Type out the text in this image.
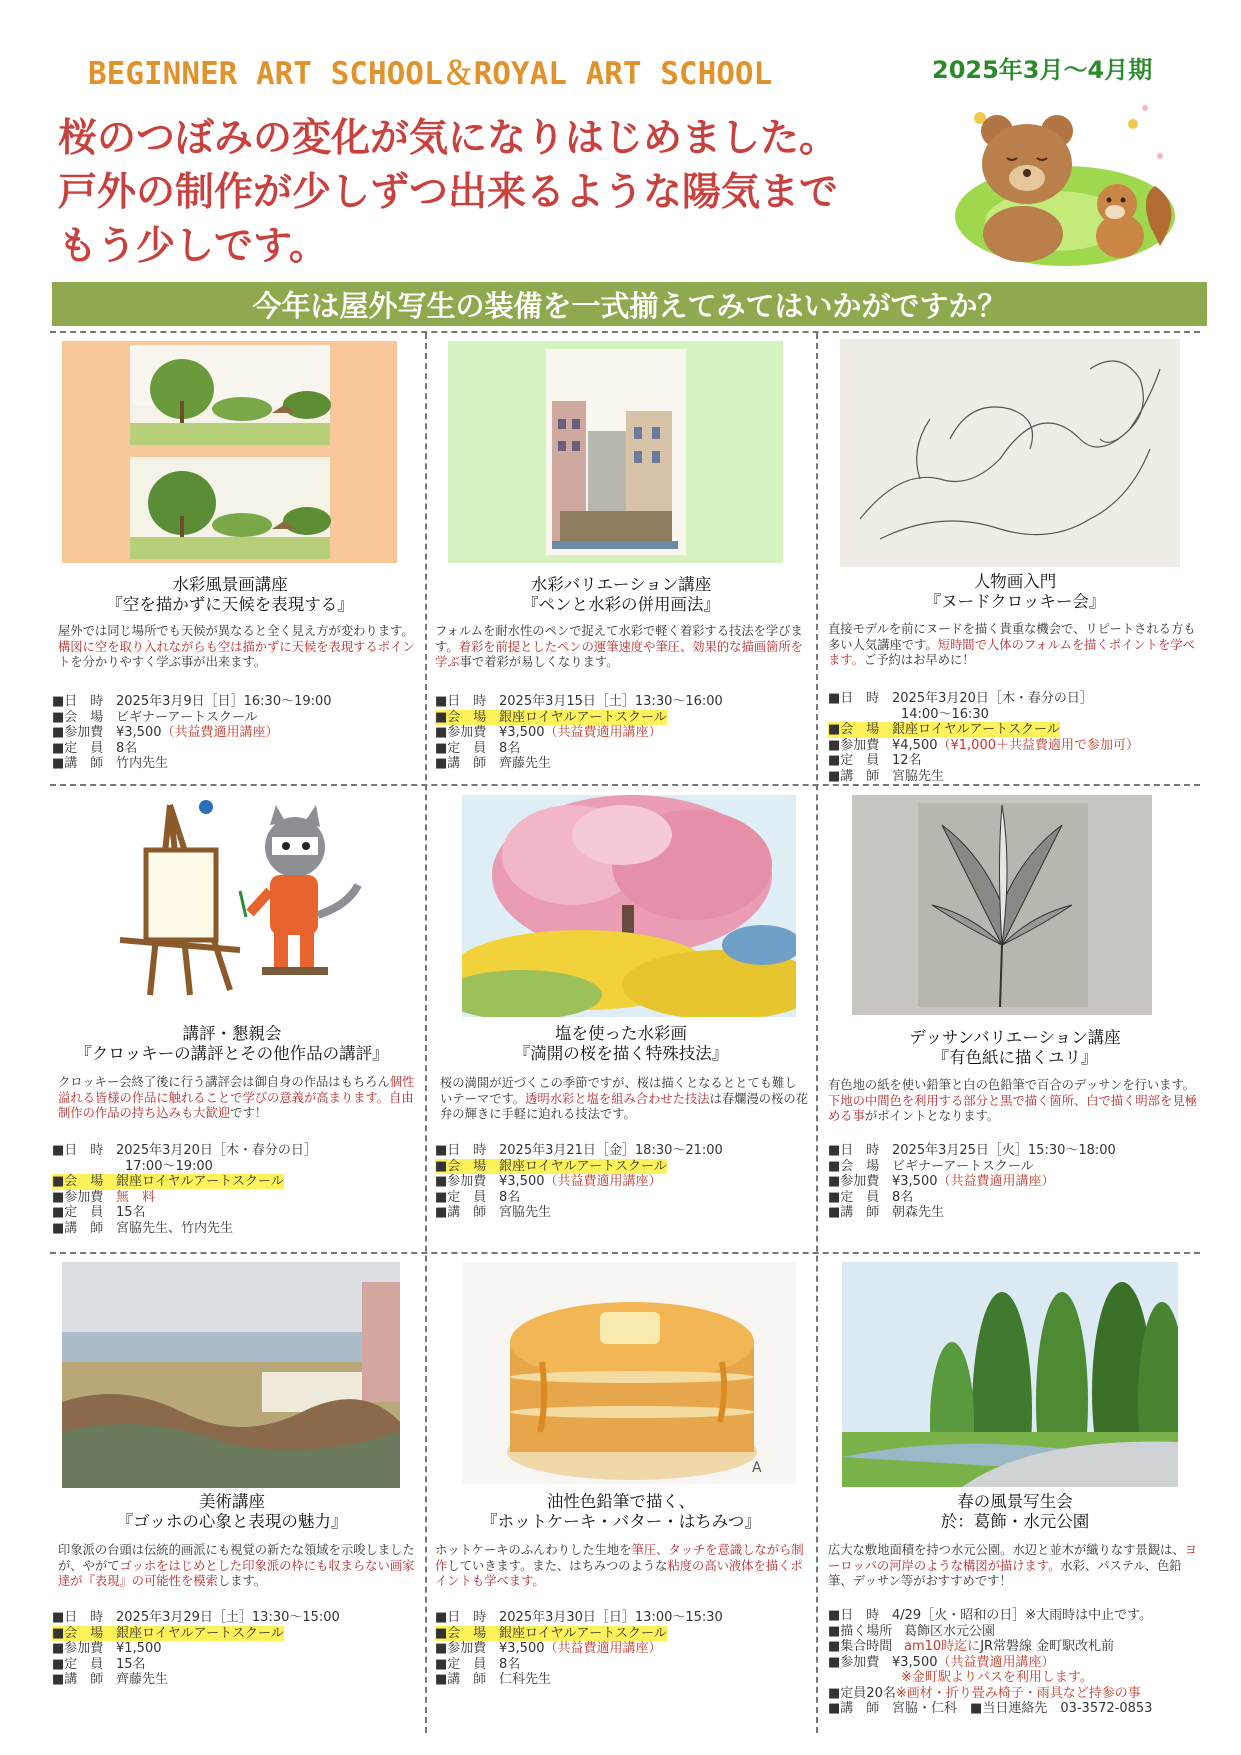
BEGINNER ART SCHOOL＆ROYAL ART SCHOOL	2025年3月～4月期
桜のつぼみの変化が気になりはじめました。
戸外の制作が少しずつ出来るような陽気まで
もう少しです。
今年は屋外写生の装備を一式揃えてみてはいかがですか？
A
水彩風景画講座
『空を描かずに天候を表現する』
屋外では同じ場所でも天候が異なると全く見え方が変わります。構図に空を取り入れながらも空は描かずに天候を表現するポイントを分かりやすく学ぶ事が出来ます。
■日　時 2025年3月9日［日］16:30～19:00
■会　場 ビギナーアートスクール
■参加費 ¥3,500（共益費適用講座）
■定　員 8名
■講　師 竹内先生
水彩バリエーション講座
『ペンと水彩の併用画法』
フォルムを耐水性のペンで捉えて水彩で軽く着彩する技法を学びます。着彩を前提としたペンの運筆速度や筆圧、効果的な描画箇所を学ぶ事で着彩が易しくなります。
■日　時 2025年3月15日［土］13:30～16:00
■会　場 銀座ロイヤルアートスクール
■参加費 ¥3,500（共益費適用講座）
■定　員 8名
■講　師 齊藤先生
人物画入門
『ヌードクロッキー会』
直接モデルを前にヌードを描く貴重な機会で、リピートされる方も多い人気講座です。短時間で人体のフォルムを描くポイントを学べます。ご予約はお早めに！
■日　時 2025年3月20日［木・春分の日］
14:00～16:30
■会　場 銀座ロイヤルアートスクール
■参加費 ¥4,500（¥1,000＋共益費適用で参加可）
■定　員 12名
■講　師 宮脇先生
講評・懇親会
『クロッキーの講評とその他作品の講評』
クロッキー会終了後に行う講評会は御自身の作品はもちろん個性溢れる皆様の作品に触れることで学びの意義が高まります。自由制作の作品の持ち込みも大歓迎です！
■日　時 2025年3月20日［木・春分の日］
17:00～19:00
■会　場 銀座ロイヤルアートスクール
■参加費 無　料
■定　員 15名
■講　師 宮脇先生、竹内先生
塩を使った水彩画
『満開の桜を描く特殊技法』
桜の満開が近づくこの季節ですが、桜は描くとなるととても難しいテーマです。透明水彩と塩を組み合わせた技法は春爛漫の桜の花弁の輝きに手軽に迫れる技法です。
■日　時 2025年3月21日［金］18:30～21:00
■会　場 銀座ロイヤルアートスクール
■参加費 ¥3,500（共益費適用講座）
■定　員 8名
■講　師 宮脇先生
デッサンバリエーション講座
『有色紙に描くユリ』
有色地の紙を使い鉛筆と白の色鉛筆で百合のデッサンを行います。下地の中間色を利用する部分と黒で描く箇所、白で描く明部を見極める事がポイントとなります。
■日　時 2025年3月25日［火］15:30～18:00
■会　場 ビギナーアートスクール
■参加費 ¥3,500（共益費適用講座）
■定　員 8名
■講　師 朝森先生
美術講座
『ゴッホの心象と表現の魅力』
印象派の台頭は伝統的画派にも視覚の新たな領域を示唆しましたが、やがてゴッホをはじめとした印象派の枠にも収まらない画家達が『表現』の可能性を模索します。
■日　時 2025年3月29日［土］13:30～15:00
■会　場 銀座ロイヤルアートスクール
■参加費 ¥1,500
■定　員 15名
■講　師 齊藤先生
油性色鉛筆で描く、
『ホットケーキ・バター・はちみつ』
ホットケーキのふんわりした生地を筆圧、タッチを意識しながら制作していきます。また、はちみつのような粘度の高い液体を描くポイントも学べます。
■日　時 2025年3月30日［日］13:00～15:30
■会　場 銀座ロイヤルアートスクール
■参加費 ¥3,500（共益費適用講座）
■定　員 8名
■講　師 仁科先生
春の風景写生会
於：葛飾・水元公園
広大な敷地面積を持つ水元公園。水辺と並木が織りなす景観は、ヨーロッパの河岸のような構図が描けます。水彩、パステル、色鉛筆、デッサン等がおすすめです！
■日　時 4/29［火・昭和の日］※大雨時は中止です。
■描く場所 葛飾区水元公園
■集合時間 am10時迄にJR常磐線 金町駅改札前
■参加費 ¥3,500（共益費適用講座）
※金町駅よりバスを利用します。
■定員 20名 ※画材・折り畳み椅子・雨具など持参の事
■講　師 宮脇・仁科　 ■当日連絡先　03-3572-0853
